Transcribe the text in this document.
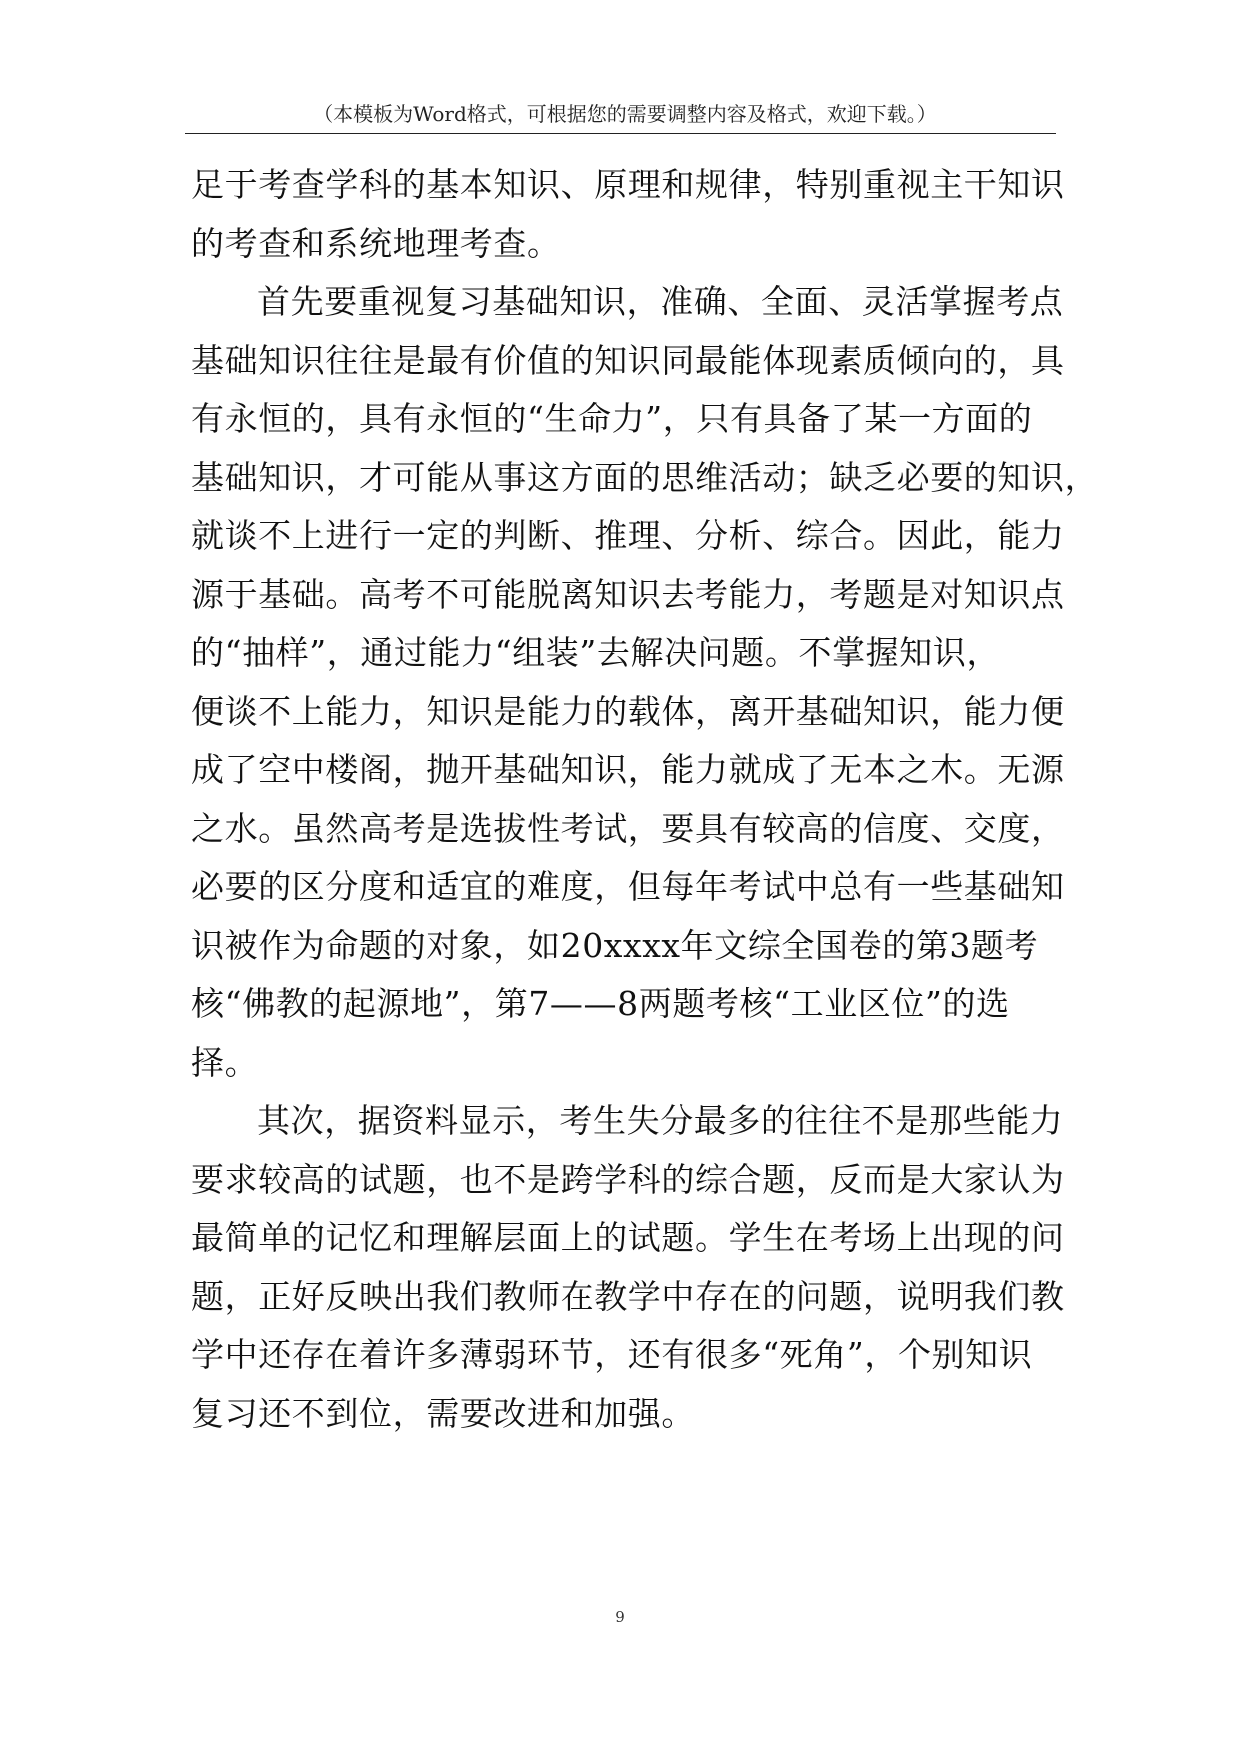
（本模板为Word格式，可根据您的需要调整内容及格式，欢迎下载。）
足于考查学科的基本知识、原理和规律，特别重视主干知识
的考查和系统地理考查。
首先要重视复习基础知识，准确、全面、灵活掌握考点
基础知识往往是最有价值的知识同最能体现素质倾向的，具
有永恒的，具有永恒的“生命力”，只有具备了某一方面的
基础知识，才可能从事这方面的思维活动；缺乏必要的知识，
就谈不上进行一定的判断、推理、分析、综合。因此，能力
源于基础。高考不可能脱离知识去考能力，考题是对知识点
的“抽样”，通过能力“组装”去解决问题。不掌握知识，
便谈不上能力，知识是能力的载体，离开基础知识，能力便
成了空中楼阁，抛开基础知识，能力就成了无本之木。无源
之水。虽然高考是选拔性考试，要具有较高的信度、交度，
必要的区分度和适宜的难度，但每年考试中总有一些基础知
识被作为命题的对象，如20xxxx年文综全国卷的第3题考
核“佛教的起源地”，第7——8两题考核“工业区位”的选
择。
其次，据资料显示，考生失分最多的往往不是那些能力
要求较高的试题，也不是跨学科的综合题，反而是大家认为
最简单的记忆和理解层面上的试题。学生在考场上出现的问
题，正好反映出我们教师在教学中存在的问题，说明我们教
学中还存在着许多薄弱环节，还有很多“死角”，个别知识
复习还不到位，需要改进和加强。
9
